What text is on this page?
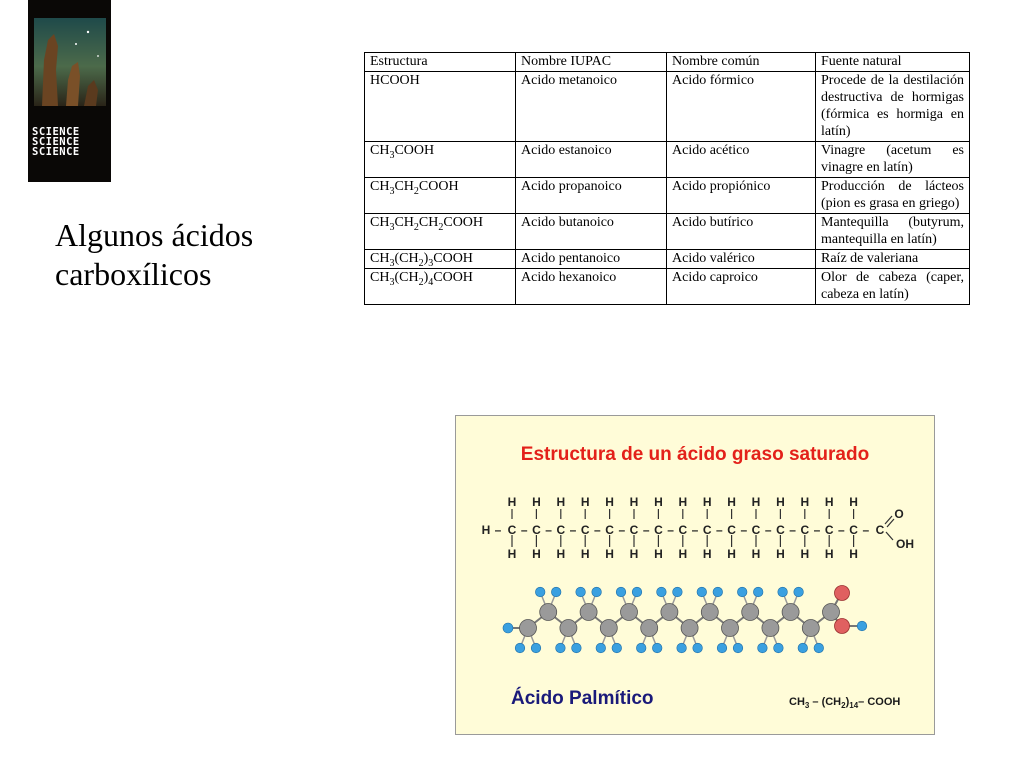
SCIENCE
SCIENCE
SCIENCE
Algunos ácidos
carboxílicos
Estructura	Nombre IUPAC	Nombre común	Fuente natural
HCOOH	Acido metanoico	Acido fórmico	Procede de la destilación destructiva de hormigas (fórmica es hormiga en latín)
$CH_3COOH$	Acido estanoico	Acido acético	Vinagre (acetum es vinagre en latín)
$CH_3CH_2COOH$	Acido propanoico	Acido propiónico	Producción de lácteos (pion es grasa en griego)
$CH_3CH_2CH_2COOH$	Acido butanoico	Acido butírico	Mantequilla (butyrum, mantequilla en latín)
$CH_3(CH_2)_3COOH$	Acido pentanoico	Acido valérico	Raíz de valeriana
$CH_3(CH_2)_4COOH$	Acido hexanoico	Acido caproico	Olor de cabeza (caper, cabeza en latín)
Estructura de un ácido graso saturado
H – C –
H
H
C –
H
H
C –
H
H
C –
H
H
C –
H
H
C –
H
H
C –
H
H
C –
H
H
C –
H
H
C –
H
H
C –
H
H
C –
H
H
C –
H
H
C –
H
H
C
H
H
– C
O
OH
Ácido Palmítico	$CH_3 - (CH_2)_{14}-$ COOH
